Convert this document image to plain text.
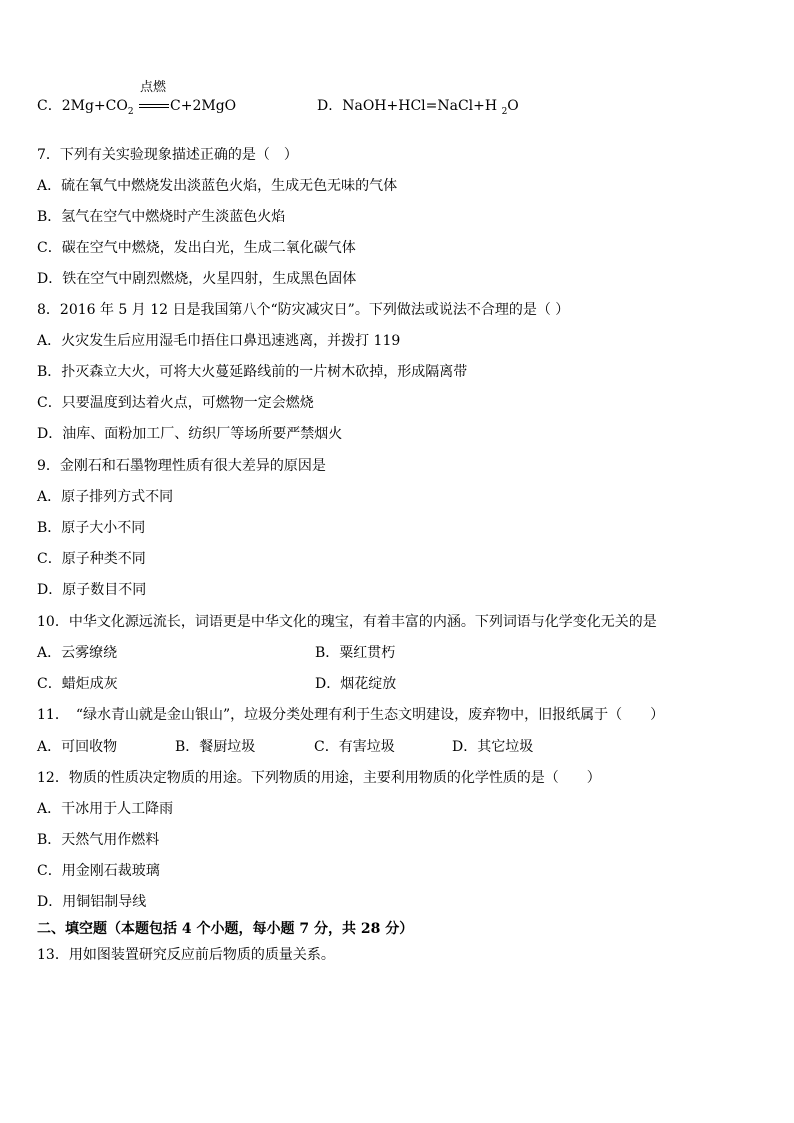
C．$2Mg+CO_2$
点燃
C+2MgO	D．NaOH+HCl=NaCl+H $_2$O
7．下列有关实验现象描述正确的是（　）
A．硫在氧气中燃烧发出淡蓝色火焰，生成无色无味的气体
B．氢气在空气中燃烧时产生淡蓝色火焰
C．碳在空气中燃烧，发出白光，生成二氧化碳气体
D．铁在空气中剧烈燃烧，火星四射，生成黑色固体
8．2016 年 5 月 12 日是我国第八个“防灾减灾日”。下列做法或说法不合理的是（ ）
A．火灾发生后应用湿毛巾捂住口鼻迅速逃离，并拨打 119
B．扑灭森立大火，可将大火蔓延路线前的一片树木砍掉，形成隔离带
C．只要温度到达着火点，可燃物一定会燃烧
D．油库、面粉加工厂、纺织厂等场所要严禁烟火
9．金刚石和石墨物理性质有很大差异的原因是
A．原子排列方式不同
B．原子大小不同
C．原子种类不同
D．原子数目不同
10．中华文化源远流长，词语更是中华文化的瑰宝，有着丰富的内涵。下列词语与化学变化无关的是
A．云雾缭绕	B．粟红贯朽
C．蜡炬成灰	D．烟花绽放
11．　“绿水青山就是金山银山”，垃圾分类处理有利于生态文明建设，废弃物中，旧报纸属于（　　）
A．可回收物	B．餐厨垃圾	C．有害垃圾	D．其它垃圾
12．物质的性质决定物质的用途。下列物质的用途，主要利用物质的化学性质的是（　　）
A．干冰用于人工降雨
B．天然气用作燃料
C．用金刚石裁玻璃
D．用铜铝制导线
二、填空题（本题包括 4 个小题，每小题 7 分，共 28 分）
13．用如图装置研究反应前后物质的质量关系。
